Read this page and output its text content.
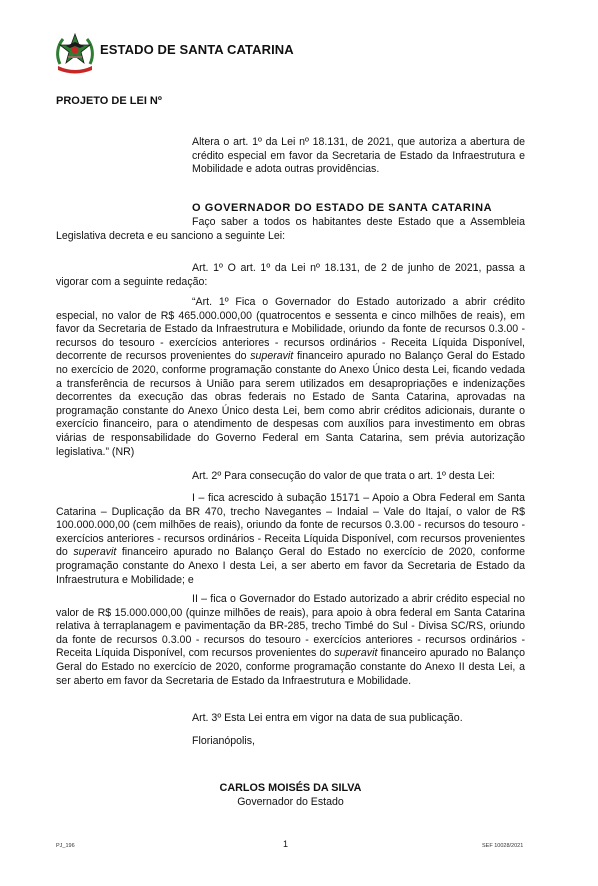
ESTADO DE SANTA CATARINA
PROJETO DE LEI Nº

Altera o art. 1º da Lei nº 18.131, de 2021, que autoriza a abertura de crédito especial em favor da Secretaria de Estado da Infraestrutura e Mobilidade e adota outras providências.

O GOVERNADOR DO ESTADO DE SANTA CATARINA

Faço saber a todos os habitantes deste Estado que a Assembleia Legislativa decreta e eu sanciono a seguinte Lei:

Art. 1º O art. 1º da Lei nº 18.131, de 2 de junho de 2021, passa a vigorar com a seguinte redação:

“Art. 1º Fica o Governador do Estado autorizado a abrir crédito especial, no valor de R$ 465.000.000,00 (quatrocentos e sessenta e cinco milhões de reais), em favor da Secretaria de Estado da Infraestrutura e Mobilidade, oriundo da fonte de recursos 0.3.00 - recursos do tesouro - exercícios anteriores - recursos ordinários - Receita Líquida Disponível, decorrente de recursos provenientes do superavit financeiro apurado no Balanço Geral do Estado no exercício de 2020, conforme programação constante do Anexo Único desta Lei, ficando vedada a transferência de recursos à União para serem utilizados em desapropriações e indenizações decorrentes da execução das obras federais no Estado de Santa Catarina, aprovadas na programação constante do Anexo Único desta Lei, bem como abrir créditos adicionais, durante o exercício financeiro, para o atendimento de despesas com auxílios para investimento em obras viárias de responsabilidade do Governo Federal em Santa Catarina, sem prévia autorização legislativa.” (NR)

Art. 2º Para consecução do valor de que trata o art. 1º desta Lei:

I – fica acrescido à subação 15171 – Apoio a Obra Federal em Santa Catarina – Duplicação da BR 470, trecho Navegantes – Indaial – Vale do Itajaí, o valor de R$ 100.000.000,00 (cem milhões de reais), oriundo da fonte de recursos 0.3.00 - recursos do tesouro - exercícios anteriores - recursos ordinários - Receita Líquida Disponível, com recursos provenientes do superavit financeiro apurado no Balanço Geral do Estado no exercício de 2020, conforme programação constante do Anexo I desta Lei, a ser aberto em favor da Secretaria de Estado da Infraestrutura e Mobilidade; e

II – fica o Governador do Estado autorizado a abrir crédito especial no valor de R$ 15.000.000,00 (quinze milhões de reais), para apoio à obra federal em Santa Catarina relativa à terraplanagem e pavimentação da BR-285, trecho Timbé do Sul - Divisa SC/RS, oriundo da fonte de recursos 0.3.00 - recursos do tesouro - exercícios anteriores - recursos ordinários - Receita Líquida Disponível, com recursos provenientes do superavit financeiro apurado no Balanço Geral do Estado no exercício de 2020, conforme programação constante do Anexo II desta Lei, a ser aberto em favor da Secretaria de Estado da Infraestrutura e Mobilidade.

Art. 3º Esta Lei entra em vigor na data de sua publicação.

Florianópolis,
CARLOS MOISÉS DA SILVA
Governador do Estado
PJ_196	1	SEF 10028/2021
